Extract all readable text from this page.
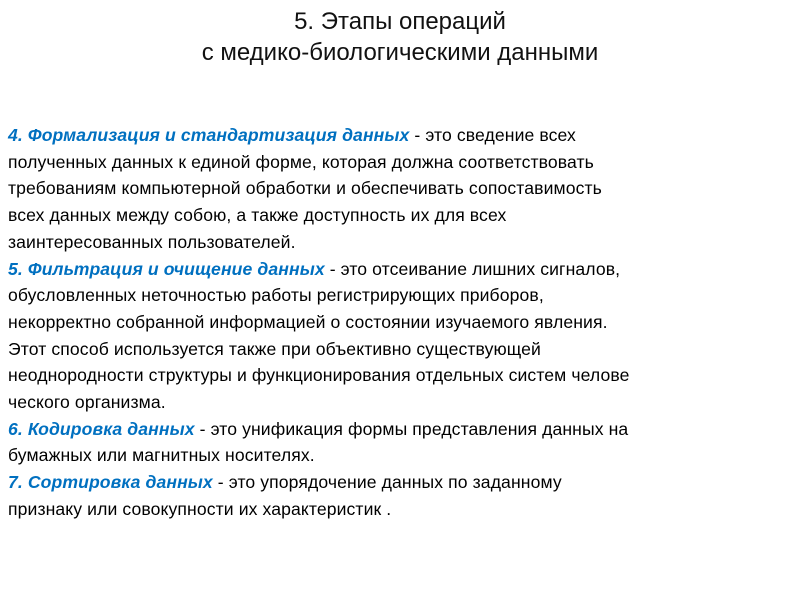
5. Этапы операций
с медико-биологическими данными
4. Формализация и стандартизация данных - это сведение всех
полученных данных к единой форме, которая должна соответствовать
требованиям компьютерной обработки и обеспечивать сопоставимость
всех данных между собою, а также доступность их для всех
заинтересованных пользователей.
5. Фильтрация и очищение данных - это отсеивание лишних сигналов,
обусловленных неточностью работы регистрирующих приборов,
некорректно собранной информацией о состоянии изучаемого явления.
Этот способ используется также при объективно существующей
неоднородности структуры и функционирования отдельных систем челове
ческого организма.
6. Кодировка данных - это унификация формы представления данных на
бумажных или магнитных носителях.
7. Сортировка данных - это упорядочение данных по заданному
признаку или совокупности их характеристик .
